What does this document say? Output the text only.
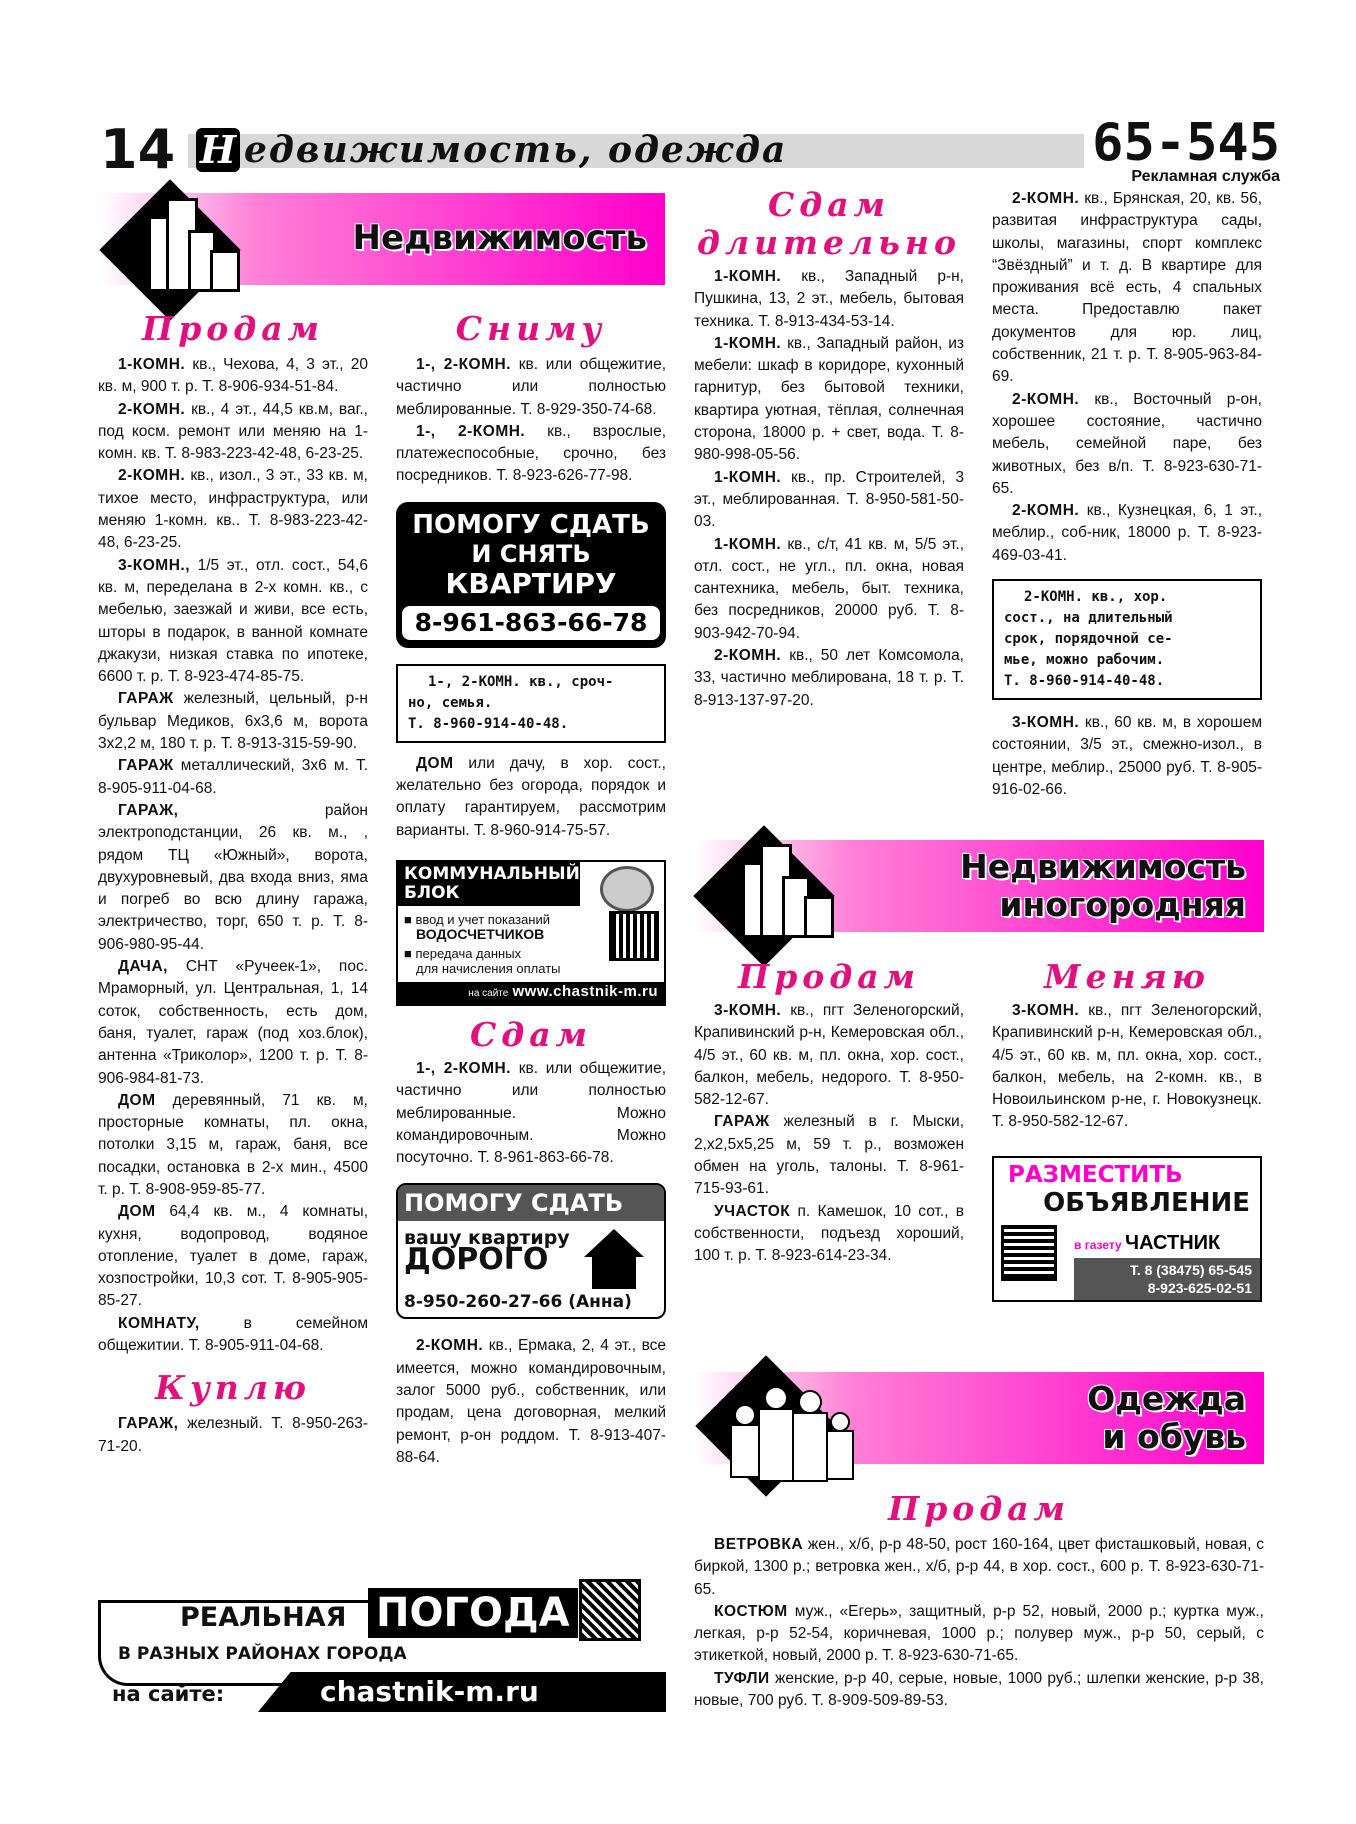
14 Н едвижимость, одежда	65-545
Рекламная служба
Недвижимость
Продам

1-КОМН. кв., Чехова, 4, 3 эт., 20 кв. м, 900 т. р. Т. 8-906-934-51-84.

2-КОМН. кв., 4 эт., 44,5 кв.м, ваг., под косм. ремонт или меняю на 1-комн. кв. Т. 8-983-223-42-48, 6-23-25.

2-КОМН. кв., изол., 3 эт., 33 кв. м, тихое место, инфраструктура, или меняю 1-комн. кв.. Т. 8-983-223-42-48, 6-23-25.

3-КОМН., 1/5 эт., отл. сост., 54,6 кв. м, переделана в 2-х комн. кв., с мебелью, заезжай и живи, все есть, шторы в подарок, в ванной комнате джакузи, низкая ставка по ипотеке, 6600 т. р. Т. 8-923-474-85-75.

ГАРАЖ железный, цельный, р-н бульвар Медиков, 6х3,6 м, ворота 3х2,2 м, 180 т. р. Т. 8-913-315-59-90.

ГАРАЖ металлический, 3х6 м. Т. 8-905-911-04-68.

ГАРАЖ, район электроподстанции, 26 кв. м., , рядом ТЦ «Южный», ворота, двухуровневый, два входа вниз, яма и погреб во всю длину гаража, электричество, торг, 650 т. р. Т. 8-906-980-95-44.

ДАЧА, СНТ «Ручеек-1», пос. Мраморный, ул. Центральная, 1, 14 соток, собственность, есть дом, баня, туалет, гараж (под хоз.блок), антенна «Триколор», 1200 т. р. Т. 8-906-984-81-73.

ДОМ деревянный, 71 кв. м, просторные комнаты, пл. окна, потолки 3,15 м, гараж, баня, все посадки, остановка в 2-х мин., 4500 т. р. Т. 8-908-959-85-77.

ДОМ 64,4 кв. м., 4 комнаты, кухня, водопровод, водяное отопление, туалет в доме, гараж, хозпостройки, 10,3 сот. Т. 8-905-905-85-27.

КОМНАТУ, в семейном общежитии. Т. 8-905-911-04-68.

Куплю

ГАРАЖ, железный. Т. 8-950-263-71-20.

Сниму

1-, 2-КОМН. кв. или общежитие, частично или полностью меблированные. Т. 8-929-350-74-68.

1-, 2-КОМН. кв., взрослые, платежеспособные, срочно, без посредников. Т. 8-923-626-77-98.

ПОМОГУ СДАТЬ
И СНЯТЬ
КВАРТИРУ
8-961-863-66-78
1-, 2-КОМН. кв., сроч-
но, семья.
Т. 8-960-914-40-48.

ДОМ или дачу, в хор. сост., желательно без огорода, порядок и оплату гарантируем, рассмотрим варианты. Т. 8-960-914-75-57.

КОММУНАЛЬНЫЙ
БЛОК
■ ввод и учет показаний
ВОДОСЧЕТЧИКОВ
■ передача данных
для начисления оплаты
на сайте www.chastnik-m.ru
Сдам

1-, 2-КОМН. кв. или общежитие, частично или полностью меблированные. Можно командировочным. Можно посуточно. Т. 8-961-863-66-78.

ПОМОГУ СДАТЬ
вашу квартиру
ДОРОГО
8-950-260-27-66 (Анна)

2-КОМН. кв., Ермака, 2, 4 эт., все имеется, можно командировочным, залог 5000 руб., собственник, или продам, цена договорная, мелкий ремонт, р-он роддом. Т. 8-913-407-88-64.

Сдам
длительно

1-КОМН. кв., Западный р-н, Пушкина, 13, 2 эт., мебель, бытовая техника. Т. 8-913-434-53-14.

1-КОМН. кв., Западный район, из мебели: шкаф в коридоре, кухонный гарнитур, без бытовой техники, квартира уютная, тёплая, солнечная сторона, 18000 р. + свет, вода. Т. 8-980-998-05-56.

1-КОМН. кв., пр. Строителей, 3 эт., меблированная. Т. 8-950-581-50-03.

1-КОМН. кв., с/т, 41 кв. м, 5/5 эт., отл. сост., не угл., пл. окна, новая сантехника, мебель, быт. техника, без посредников, 20000 руб. Т. 8-903-942-70-94.

2-КОМН. кв., 50 лет Комсомола, 33, частично меблирована, 18 т. р. Т. 8-913-137-97-20.

2-КОМН. кв., Брянская, 20, кв. 56, развитая инфраструктура сады, школы, магазины, спорт комплекс “Звёздный” и т. д. В квартире для проживания всё есть, 4 спальных места. Предоставлю пакет документов для юр. лиц, собственник, 21 т. р. Т. 8-905-963-84-69.

2-КОМН. кв., Восточный р-он, хорошее состояние, частично мебель, семейной паре, без животных, без в/п. Т. 8-923-630-71-65.

2-КОМН. кв., Кузнецкая, 6, 1 эт., меблир., соб-ник, 18000 р. Т. 8-923-469-03-41.

2-КОМН. кв., хор.
сост., на длительный
срок, порядочной се-
мье, можно рабочим.
Т. 8-960-914-40-48.

3-КОМН. кв., 60 кв. м, в хорошем состоянии, 3/5 эт., смежно-изол., в центре, меблир., 25000 руб. Т. 8-905-916-02-66.

Недвижимость
иногородняя
Продам

3-КОМН. кв., пгт Зеленогорский, Крапивинский р-н, Кемеровская обл., 4/5 эт., 60 кв. м, пл. окна, хор. сост., балкон, мебель, недорого. Т. 8-950-582-12-67.

ГАРАЖ железный в г. Мыски, 2,х2,5х5,25 м, 59 т. р., возможен обмен на уголь, талоны. Т. 8-961-715-93-61.

УЧАСТОК п. Камешок, 10 сот., в собственности, подъезд хороший, 100 т. р. Т. 8-923-614-23-34.

Меняю

3-КОМН. кв., пгт Зеленогорский, Крапивинский р-н, Кемеровская обл., 4/5 эт., 60 кв. м, пл. окна, хор. сост., балкон, мебель, на 2-комн. кв., в Новоильинском р-не, г. Новокузнецк. Т. 8-950-582-12-67.

РАЗМЕСТИТЬ
ОБЪЯВЛЕНИЕ
в газету ЧАСТНИК
Т. 8 (38475) 65-545
8-923-625-02-51
Одежда
и обувь
Продам

ВЕТРОВКА жен., х/б, р-р 48-50, рост 160-164, цвет фисташковый, новая, с биркой, 1300 р.; ветровка жен., х/б, р-р 44, в хор. сост., 600 р. Т. 8-923-630-71-65.

КОСТЮМ муж., «Егерь», защитный, р-р 52, новый, 2000 р.; куртка муж., легкая, р-р 52-54, коричневая, 1000 р.; полувер муж., р-р 50, серый, с этикеткой, новый, 2000 р. Т. 8-923-630-71-65.

ТУФЛИ женские, р-р 40, серые, новые, 1000 руб.; шлепки женские, р-р 38, новые, 700 руб. Т. 8-909-509-89-53.

РЕАЛЬНАЯ ПОГОДА
В РАЗНЫХ РАЙОНАХ ГОРОДА
на сайте:	chastnik-m.ru
